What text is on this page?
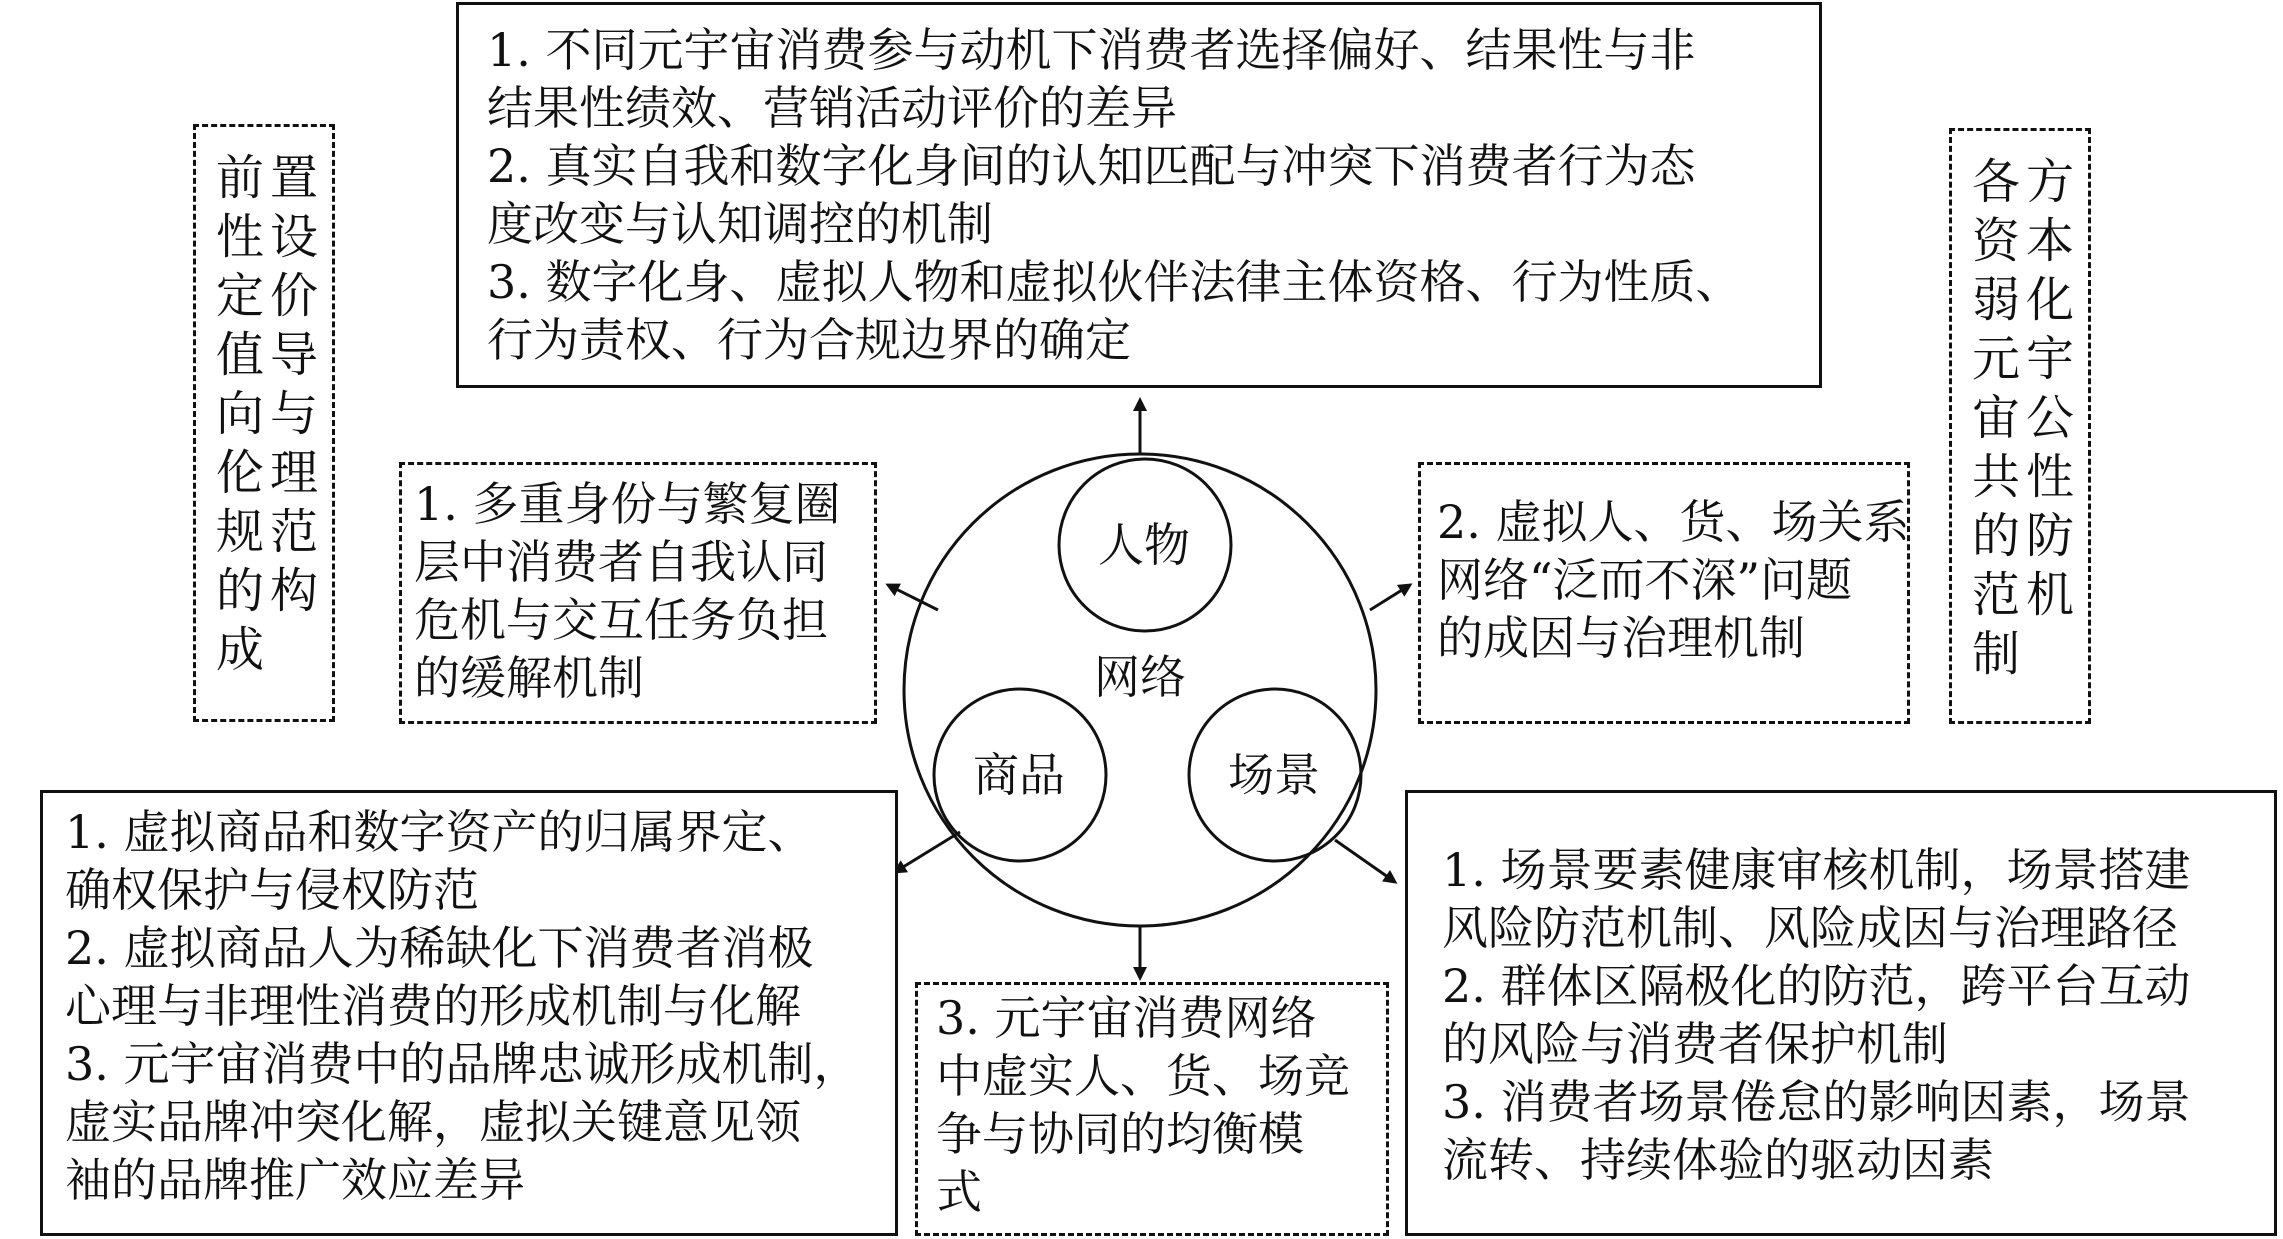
网络
人物
商品	场景
1. 不同元宇宙消费参与动机下消费者选择偏好、结果性与非
结果性绩效、营销活动评价的差异
2. 真实自我和数字化身间的认知匹配与冲突下消费者行为态
度改变与认知调控的机制
3. 数字化身、虚拟人物和虚拟伙伴法律主体资格、行为性质、
行为责权、行为合规边界的确定
前
性
定
值
向
伦
规
的
成
置
设
价
导
与
理
范
构
各
资
弱
元
宙
共
的
范
制
方
本
化
宇
公
性
防
机
1. 多重身份与繁复圈
层中消费者自我认同
危机与交互任务负担
的缓解机制
2. 虚拟人、货、场关系
网络“泛而不深”问题
的成因与治理机制
1. 虚拟商品和数字资产的归属界定、
确权保护与侵权防范
2. 虚拟商品人为稀缺化下消费者消极
心理与非理性消费的形成机制与化解
3. 元宇宙消费中的品牌忠诚形成机制，
虚实品牌冲突化解，虚拟关键意见领
袖的品牌推广效应差异
3. 元宇宙消费网络
中虚实人、货、场竞
争与协同的均衡模
式
1. 场景要素健康审核机制，场景搭建
风险防范机制、风险成因与治理路径
2. 群体区隔极化的防范，跨平台互动
的风险与消费者保护机制
3. 消费者场景倦怠的影响因素，场景
流转、持续体验的驱动因素
